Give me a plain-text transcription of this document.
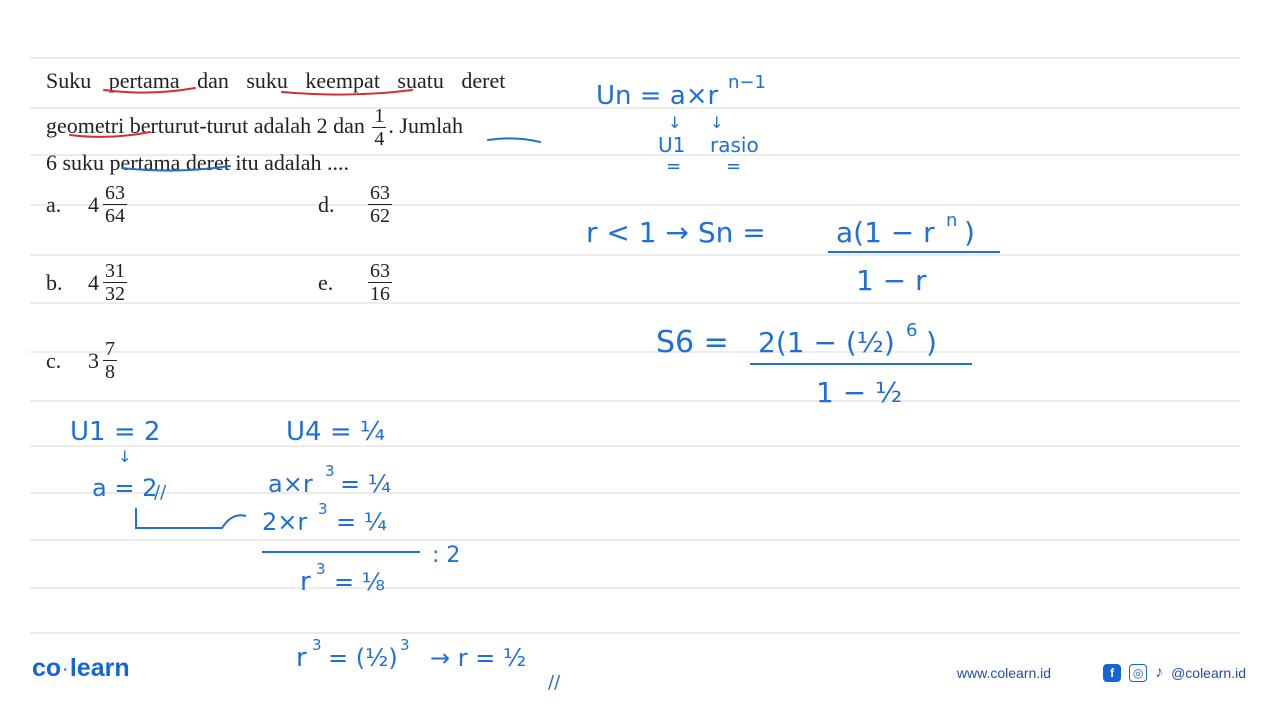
Suku pertama dan suku keempat suatu deret
geometri berturut-turut adalah 2 dan $\frac{1}{4}$ . Jumlah
6 suku pertama deret itu adalah ....
a.	$4 \frac{63}{64}$
b.	$4 \frac{31}{32}$
c.	$3 \frac{7}{8}$
d.	$\frac{63}{62}$
e.	$\frac{63}{16}$
Un = a×r n−1
↓ ↓
U1 rasio
= =
r < 1 → Sn =	a(1 − r n )
1 − r
S6 = 2(1 − (½) 6 )
1 − ½
U1 = 2
↓
a = 2
//
U4 = ¼
a×r 3 = ¼
2×r 3 = ¼
: 2
r 3 = ⅛
r 3 = (½) 3 → r = ½
//
co ·learn	www.colearn.id	f	◎ ♪ @colearn.id
